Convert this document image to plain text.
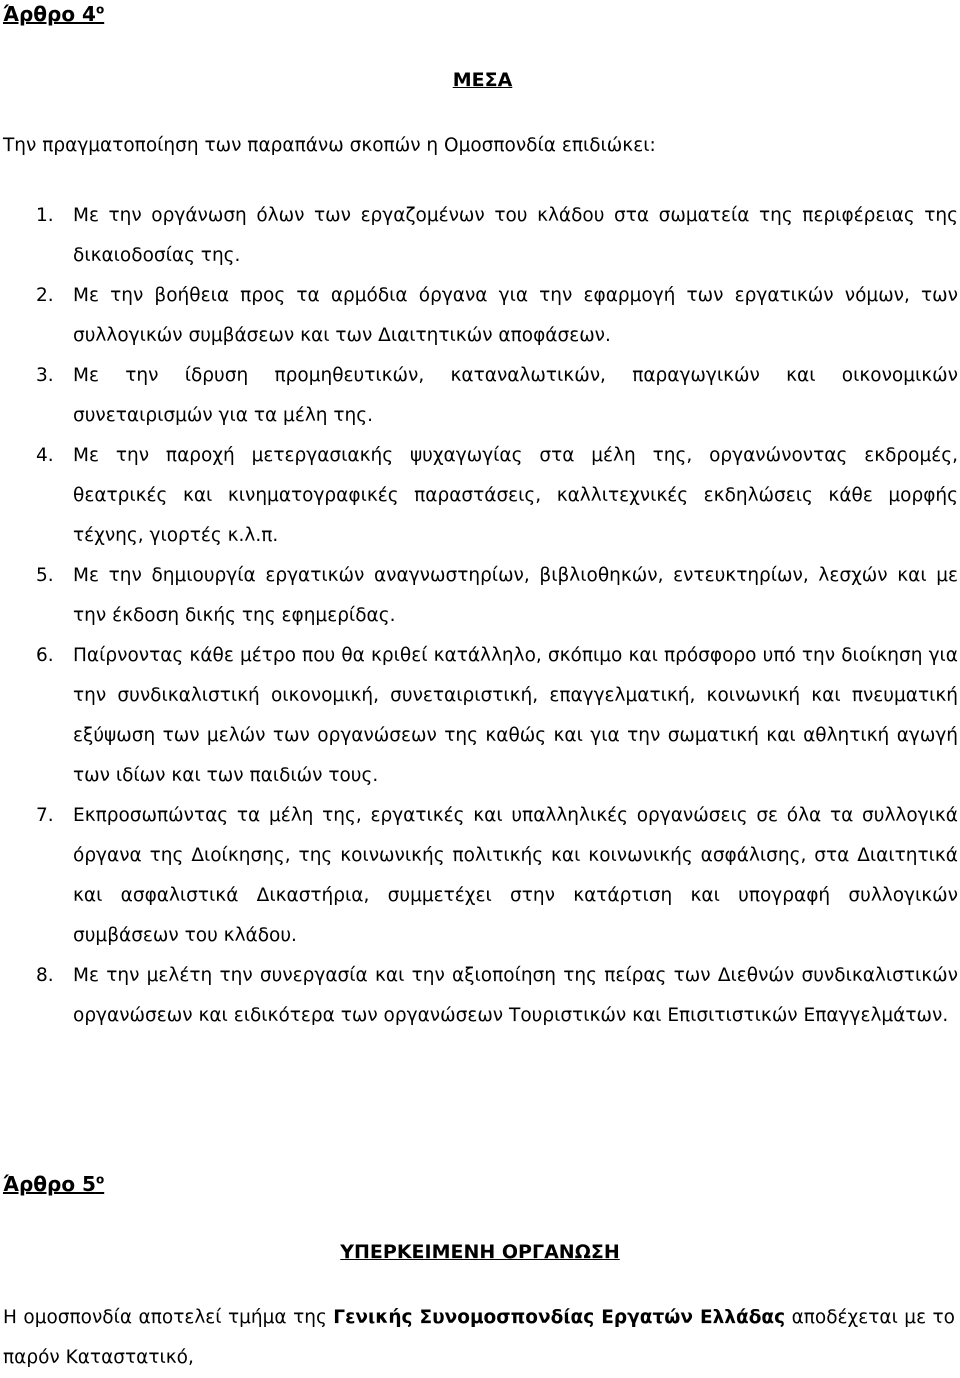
Άρθρο $4^o$
ΜΕΣΑ
Την πραγματοποίηση των παραπάνω σκοπών η Ομοσπονδία επιδιώκει:
1. Με την οργάνωση όλων των εργαζομένων του κλάδου στα σωματεία της περιφέρειας της δικαιοδοσίας της.
2. Με την βοήθεια προς τα αρμόδια όργανα για την εφαρμογή των εργατικών νόμων, των συλλογικών συμβάσεων και των Διαιτητικών αποφάσεων.
3. Με την ίδρυση προμηθευτικών, καταναλωτικών, παραγωγικών και οικονομικών συνεταιρισμών για τα μέλη της.
4. Με την παροχή μετεργασιακής ψυχαγωγίας στα μέλη της, οργανώνοντας εκδρομές, θεατρικές και κινηματογραφικές παραστάσεις, καλλιτεχνικές εκδηλώσεις κάθε μορφής τέχνης, γιορτές κ.λ.π.
5. Με την δημιουργία εργατικών αναγνωστηρίων, βιβλιοθηκών, εντευκτηρίων, λεσχών και με την έκδοση δικής της εφημερίδας.
6. Παίρνοντας κάθε μέτρο που θα κριθεί κατάλληλο, σκόπιμο και πρόσφορο υπό την διοίκηση για την συνδικαλιστική οικονομική, συνεταιριστική, επαγγελματική, κοινωνική και πνευματική εξύψωση των μελών των οργανώσεων της καθώς και για την σωματική και αθλητική αγωγή των ιδίων και των παιδιών τους.
7. Εκπροσωπώντας τα μέλη της, εργατικές και υπαλληλικές οργανώσεις σε όλα τα συλλογικά όργανα της Διοίκησης, της κοινωνικής πολιτικής και κοινωνικής ασφάλισης, στα Διαιτητικά και ασφαλιστικά Δικαστήρια, συμμετέχει στην κατάρτιση και υπογραφή συλλογικών συμβάσεων του κλάδου.
8. Με την μελέτη την συνεργασία και την αξιοποίηση της πείρας των Διεθνών συνδικαλιστικών οργανώσεων και ειδικότερα των οργανώσεων Τουριστικών και Επισιτιστικών Επαγγελμάτων.
Άρθρο $5^o$
ΥΠΕΡΚΕΙΜΕΝΗ ΟΡΓΑΝΩΣΗ
Η ομοσπονδία αποτελεί τμήμα της Γενικής Συνομοσπονδίας Εργατών Ελλάδας αποδέχεται με το παρόν Καταστατικό,
